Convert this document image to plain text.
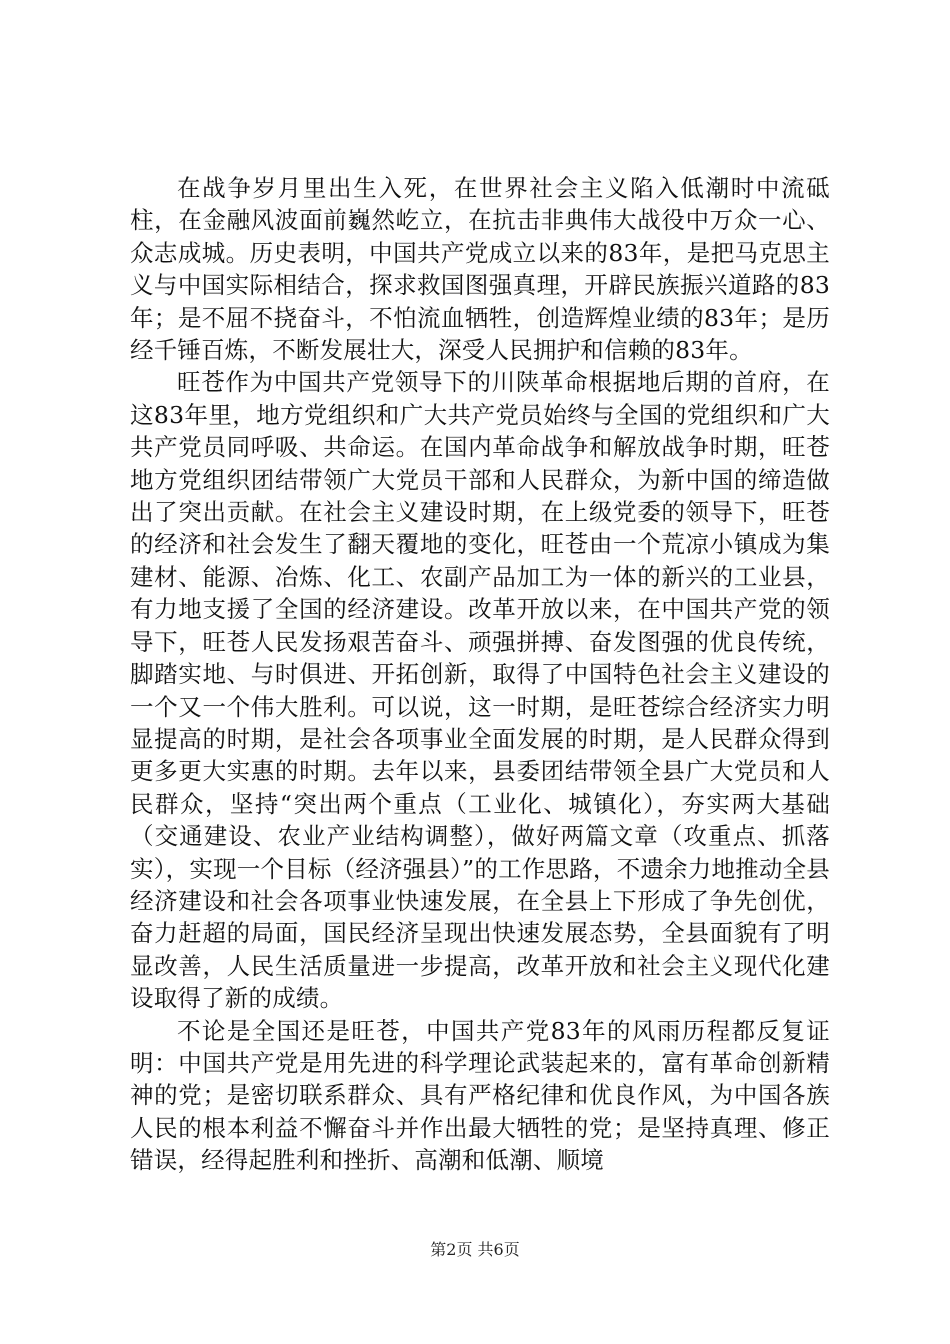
在战争岁月里出生入死，在世界社会主义陷入低潮时中流砥柱，在金融风波面前巍然屹立，在抗击非典伟大战役中万众一心、众志成城。历史表明，中国共产党成立以来的83年，是把马克思主义与中国实际相结合，探求救国图强真理，开辟民族振兴道路的83年；是不屈不挠奋斗，不怕流血牺牲，创造辉煌业绩的83年；是历经千锤百炼，不断发展壮大，深受人民拥护和信赖的83年。

旺苍作为中国共产党领导下的川陕革命根据地后期的首府，在这83年里，地方党组织和广大共产党员始终与全国的党组织和广大共产党员同呼吸、共命运。在国内革命战争和解放战争时期，旺苍地方党组织团结带领广大党员干部和人民群众，为新中国的缔造做出了突出贡献。在社会主义建设时期，在上级党委的领导下，旺苍的经济和社会发生了翻天覆地的变化，旺苍由一个荒凉小镇成为集建材、能源、冶炼、化工、农副产品加工为一体的新兴的工业县，有力地支援了全国的经济建设。改革开放以来，在中国共产党的领导下，旺苍人民发扬艰苦奋斗、顽强拼搏、奋发图强的优良传统，脚踏实地、与时俱进、开拓创新，取得了中国特色社会主义建设的一个又一个伟大胜利。可以说，这一时期，是旺苍综合经济实力明显提高的时期，是社会各项事业全面发展的时期，是人民群众得到更多更大实惠的时期。去年以来，县委团结带领全县广大党员和人民群众，坚持“突出两个重点（工业化、城镇化），夯实两大基础（交通建设、农业产业结构调整），做好两篇文章（攻重点、抓落实），实现一个目标（经济强县）”的工作思路，不遗余力地推动全县经济建设和社会各项事业快速发展，在全县上下形成了争先创优，奋力赶超的局面，国民经济呈现出快速发展态势，全县面貌有了明显改善，人民生活质量进一步提高，改革开放和社会主义现代化建设取得了新的成绩。

不论是全国还是旺苍，中国共产党83年的风雨历程都反复证明：中国共产党是用先进的科学理论武装起来的，富有革命创新精神的党；是密切联系群众、具有严格纪律和优良作风，为中国各族人民的根本利益不懈奋斗并作出最大牺牲的党；是坚持真理、修正错误，经得起胜利和挫折、高潮和低潮、顺境

第2页 共6页
